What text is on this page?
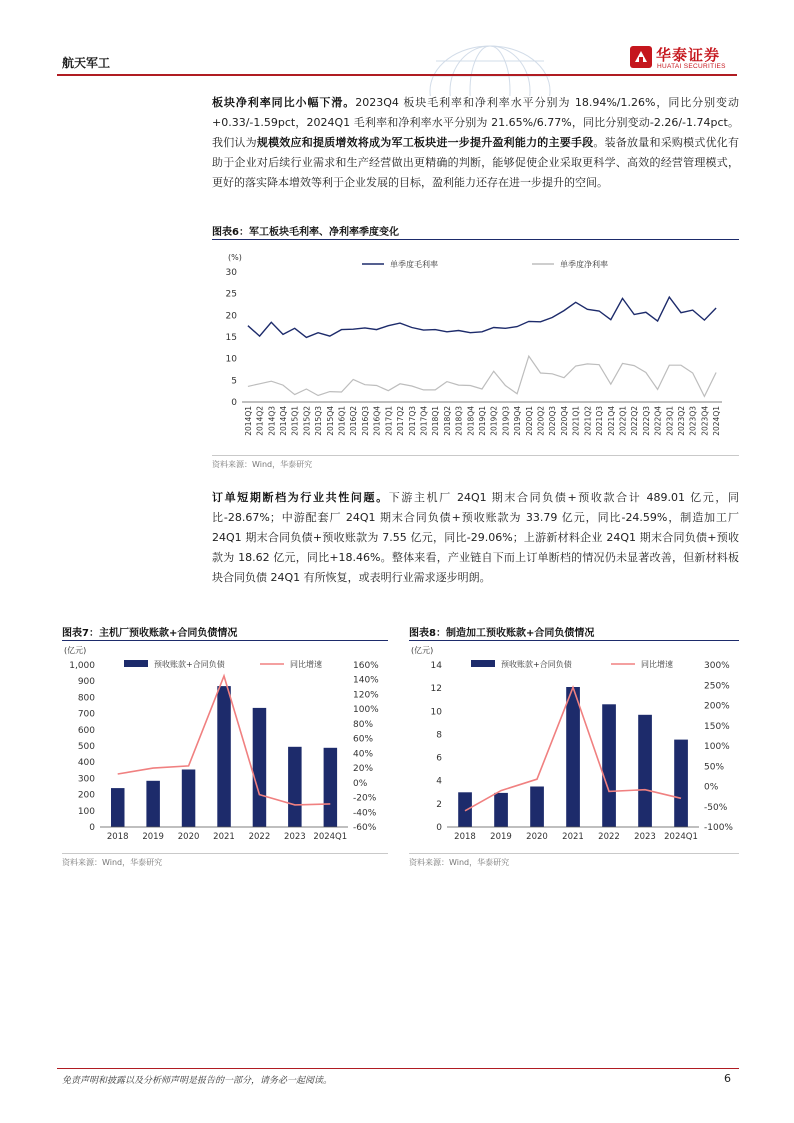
航天军工	华泰证券
HUATAI SECURITIES
板块净利率同比小幅下滑。2023Q4 板块毛利率和净利率水平分别为 18.94%/1.26%，同比分别变动+0.33/-1.59pct，2024Q1 毛利率和净利率水平分别为 21.65%/6.77%，同比分别变动-2.26/-1.74pct。我们认为规模效应和提质增效将成为军工板块进一步提升盈利能力的主要手段。装备放量和采购模式优化有助于企业对后续行业需求和生产经营做出更精确的判断，能够促使企业采取更科学、高效的经营管理模式，更好的落实降本增效等利于企业发展的目标，盈利能力还存在进一步提升的空间。
图表6：军工板块毛利率、净利率季度变化
(%)
0
5
10
15
20
25
30
2014Q1 2014Q2 2014Q3 2014Q4 2015Q1 2015Q2 2015Q3 2015Q4 2016Q1 2016Q2 2016Q3 2016Q4 2017Q1 2017Q2 2017Q3 2017Q4 2018Q1 2018Q2 2018Q3 2018Q4 2019Q1 2019Q2 2019Q3 2019Q4 2020Q1 2020Q2 2020Q3 2020Q4 2021Q1 2021Q2 2021Q3 2021Q4 2022Q1 2022Q2 2022Q3 2022Q4 2023Q1 2023Q2 2023Q3 2023Q4 2024Q1
单季度毛利率	单季度净利率
资料来源：Wind，华泰研究
订单短期断档为行业共性问题。下游主机厂 24Q1 期末合同负债+预收款合计 489.01 亿元，同比-28.67%；中游配套厂 24Q1 期末合同负债+预收账款为 33.79 亿元，同比-24.59%，制造加工厂 24Q1 期末合同负债+预收账款为 7.55 亿元，同比-29.06%；上游新材料企业 24Q1 期末合同负债+预收款为 18.62 亿元，同比+18.46%。整体来看，产业链自下而上订单断档的情况仍未显著改善，但新材料板块合同负债 24Q1 有所恢复，或表明行业需求逐步明朗。
图表7：主机厂预收账款+合同负债情况
(亿元)
0
100
200
300
400
500
600
700
800
900
1,000
-60%
-40%
-20%
0%
20%
40%
60%
80%
100%
120%
140%
160%
2018 2019 2020 2021 2022 2023 2024Q1
预收账款+合同负债	同比增速
资料来源：Wind，华泰研究
图表8：制造加工预收账款+合同负债情况
(亿元)
0
2
4
6
8
10
12
14
-100%
-50%
0%
50%
100%
150%
200%
250%
300%
2018 2019 2020 2021 2022 2023 2024Q1
预收账款+合同负债	同比增速
资料来源：Wind，华泰研究
免责声明和披露以及分析师声明是报告的一部分，请务必一起阅读。	6
